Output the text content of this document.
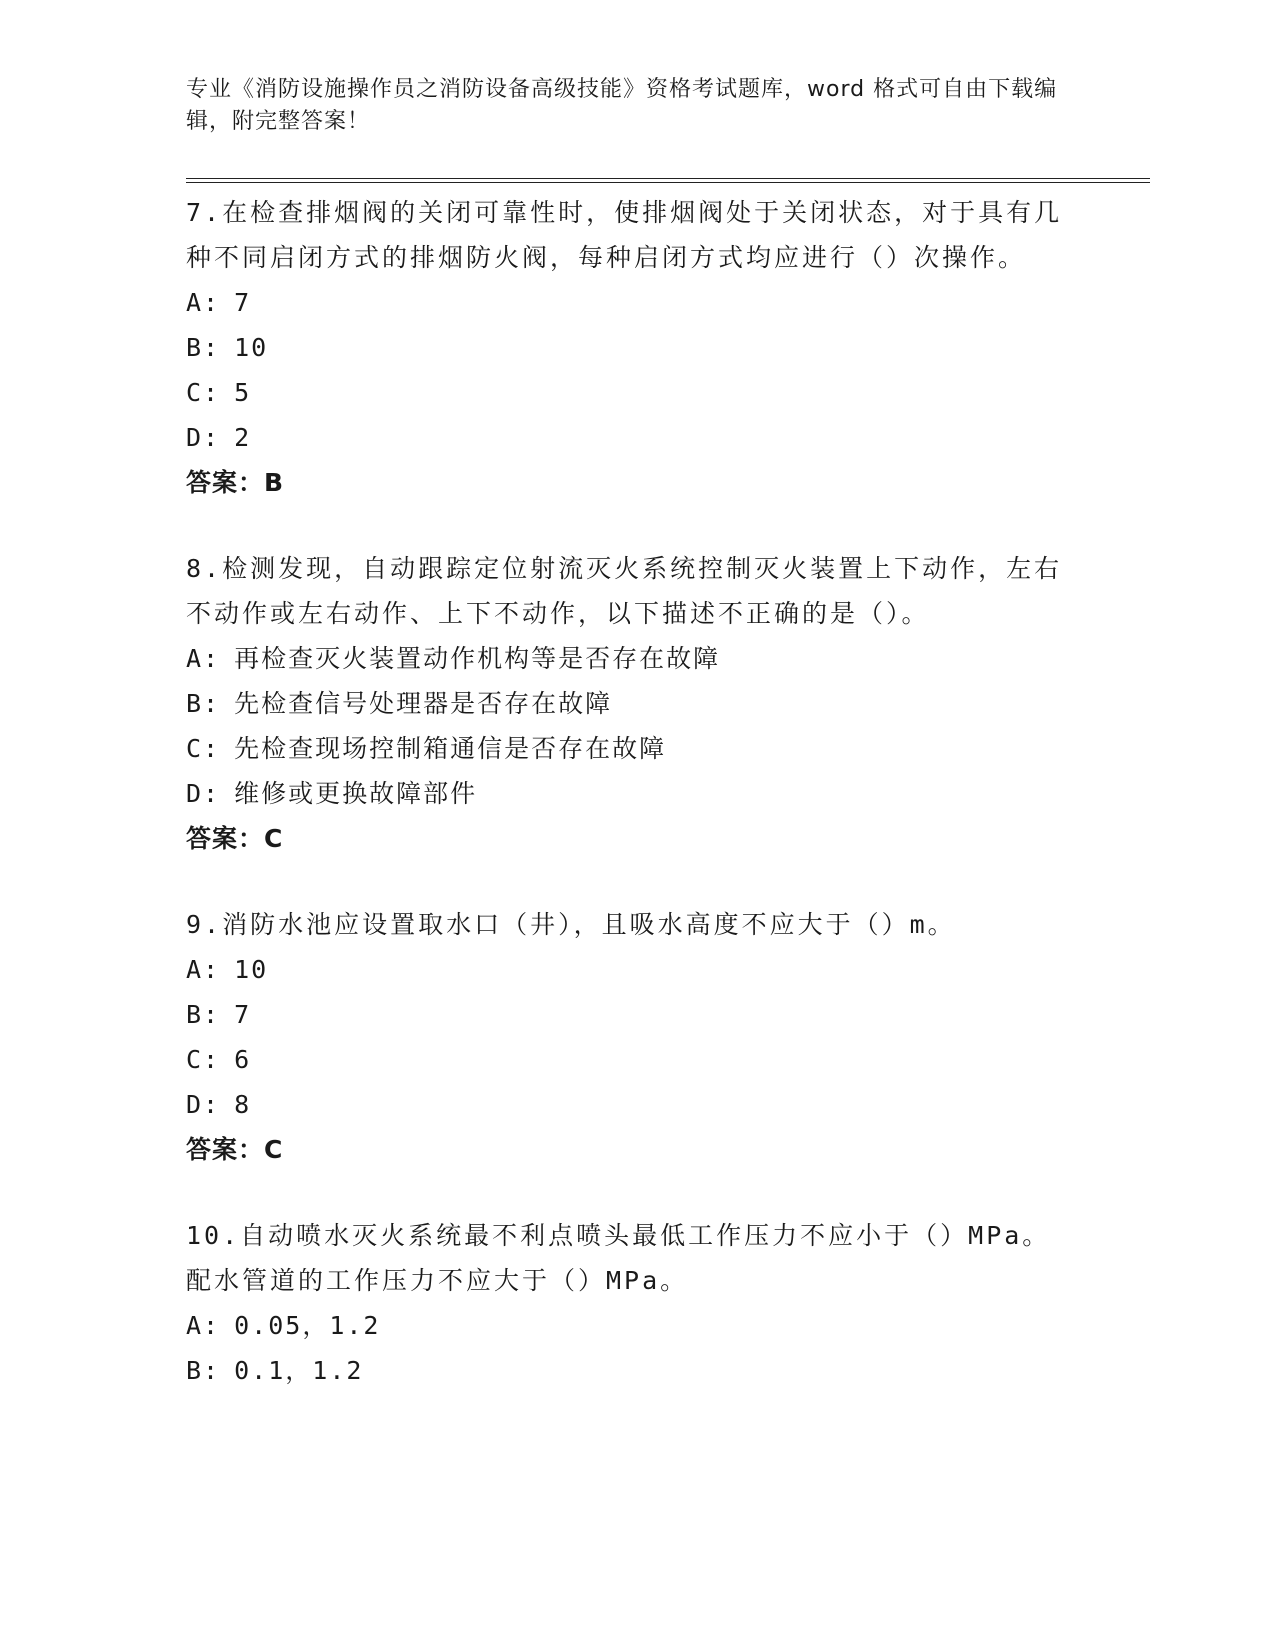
专业《消防设施操作员之消防设备高级技能》资格考试题库，word 格式可自由下载编辑，附完整答案！

7.在检查排烟阀的关闭可靠性时，使排烟阀处于关闭状态，对于具有几种不同启闭方式的排烟防火阀，每种启闭方式均应进行（）次操作。

A: 7

B: 10

C: 5

D: 2

答案：B

8.检测发现，自动跟踪定位射流灭火系统控制灭火装置上下动作，左右不动作或左右动作、上下不动作，以下描述不正确的是（）。

A: 再检查灭火装置动作机构等是否存在故障

B: 先检查信号处理器是否存在故障

C: 先检查现场控制箱通信是否存在故障

D: 维修或更换故障部件

答案：C

9.消防水池应设置取水口（井），且吸水高度不应大于（）m。

A: 10

B: 7

C: 6

D: 8

答案：C

10.自动喷水灭火系统最不利点喷头最低工作压力不应小于（）MPa。配水管道的工作压力不应大于（）MPa。

A: 0.05，1.2

B: 0.1，1.2
